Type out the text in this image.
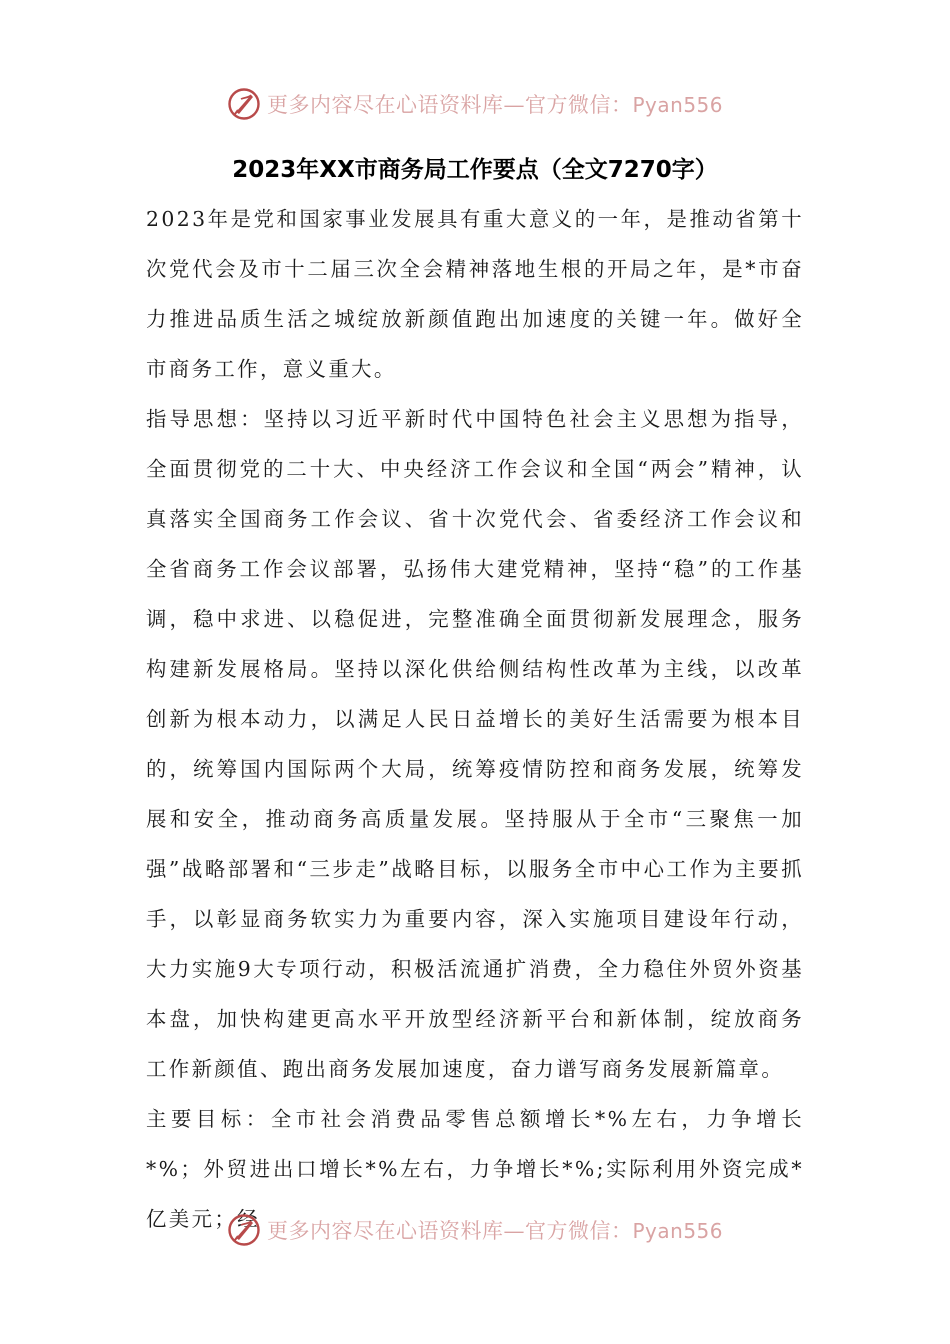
更多内容尽在心语资料库—官方微信：Pyan556
2023年XX市商务局工作要点（全文7270字）

2023年是党和国家事业发展具有重大意义的一年，是推动省第十次党代会及市十二届三次全会精神落地生根的开局之年，是*市奋力推进品质生活之城绽放新颜值跑出加速度的关键一年。做好全市商务工作，意义重大。

指导思想：坚持以习近平新时代中国特色社会主义思想为指导，全面贯彻党的二十大、中央经济工作会议和全国“两会”精神，认真落实全国商务工作会议、省十次党代会、省委经济工作会议和全省商务工作会议部署，弘扬伟大建党精神，坚持“稳”的工作基调，稳中求进、以稳促进，完整准确全面贯彻新发展理念，服务构建新发展格局。坚持以深化供给侧结构性改革为主线，以改革创新为根本动力，以满足人民日益增长的美好生活需要为根本目的，统筹国内国际两个大局，统筹疫情防控和商务发展，统筹发展和安全，推动商务高质量发展。坚持服从于全市“三聚焦一加强”战略部署和“三步走”战略目标，以服务全市中心工作为主要抓手，以彰显商务软实力为重要内容，深入实施项目建设年行动，大力实施9大专项行动，积极活流通扩消费，全力稳住外贸外资基本盘，加快构建更高水平开放型经济新平台和新体制，绽放商务工作新颜值、跑出商务发展加速度，奋力谱写商务发展新篇章。

主要目标：全市社会消费品零售总额增长*%左右，力争增长*%；外贸进出口增长*%左右，力争增长*%;实际利用外资完成*亿美元；经 更多内容尽在心语资料库—官方微信：Pyan556
